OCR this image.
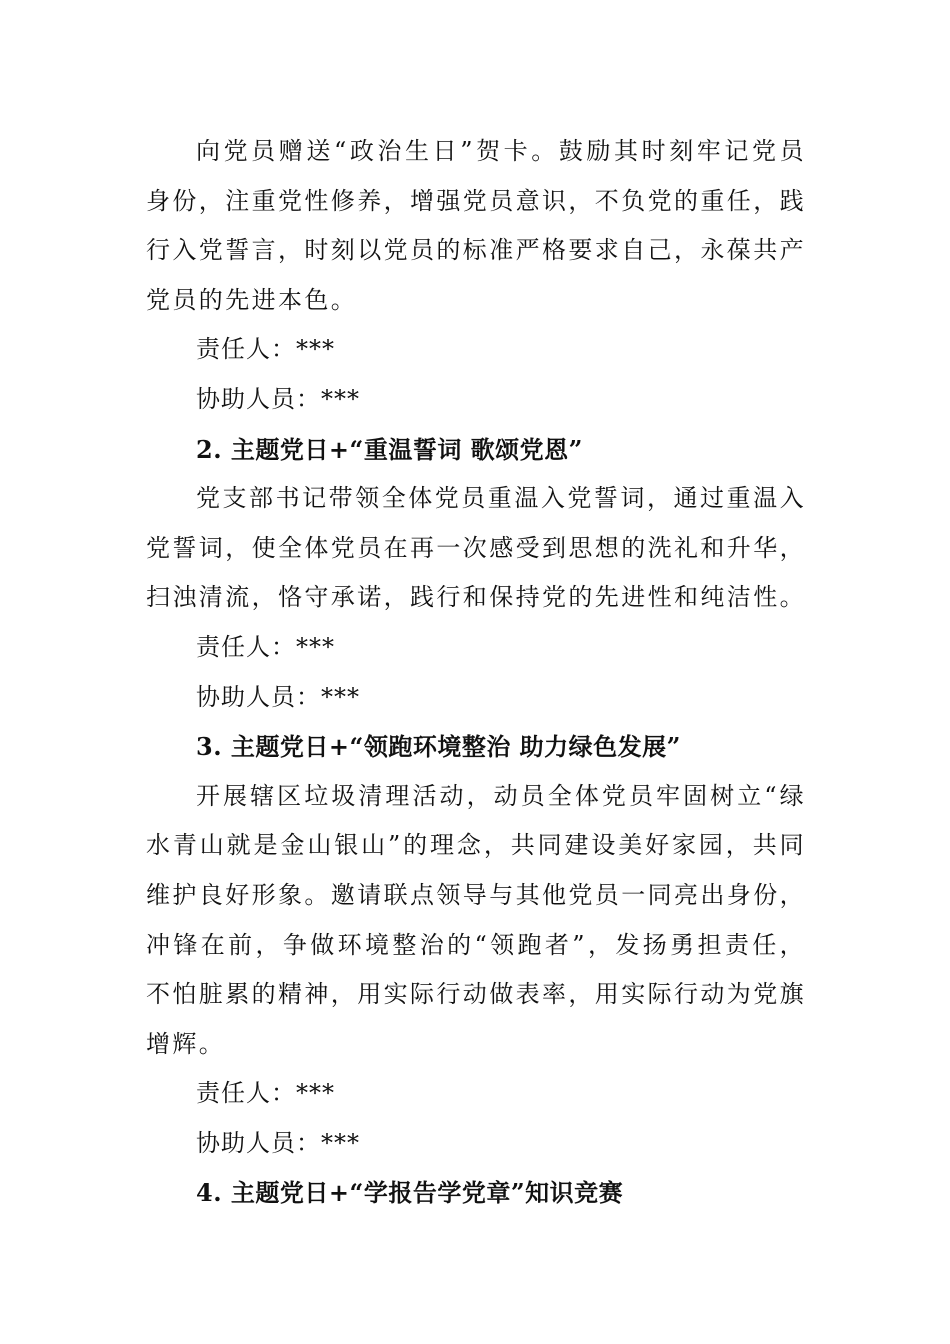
向党员赠送“政治生日”贺卡。鼓励其时刻牢记党员身份，注重党性修养，增强党员意识，不负党的重任，践行入党誓言，时刻以党员的标准严格要求自己，永葆共产党员的先进本色。

责任人：***

协助人员：***

2. 主题党日+“重温誓词 歌颂党恩”

党支部书记带领全体党员重温入党誓词，通过重温入党誓词，使全体党员在再一次感受到思想的洗礼和升华，扫浊清流，恪守承诺，践行和保持党的先进性和纯洁性。

责任人：***

协助人员：***

3. 主题党日+“领跑环境整治 助力绿色发展”

开展辖区垃圾清理活动，动员全体党员牢固树立“绿水青山就是金山银山”的理念，共同建设美好家园，共同维护良好形象。邀请联点领导与其他党员一同亮出身份，冲锋在前，争做环境整治的“领跑者”，发扬勇担责任，不怕脏累的精神，用实际行动做表率，用实际行动为党旗增辉。

责任人：***

协助人员：***

4. 主题党日+“学报告学党章”知识竞赛
